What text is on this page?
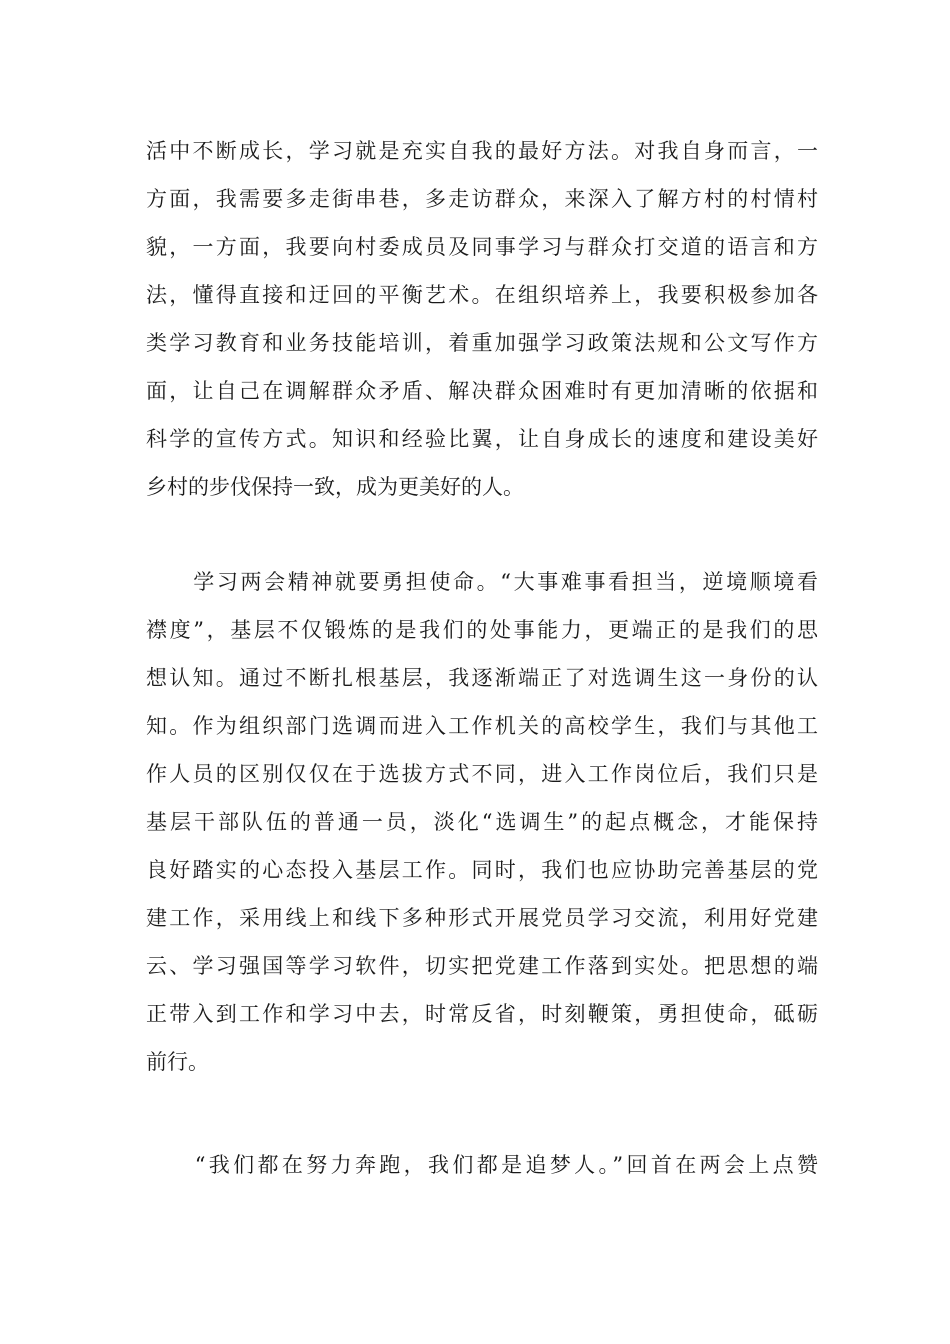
活中不断成长，学习就是充实自我的最好方法。对我自身而言，一
方面，我需要多走街串巷，多走访群众，来深入了解方村的村情村
貌，一方面，我要向村委成员及同事学习与群众打交道的语言和方
法，懂得直接和迂回的平衡艺术。在组织培养上，我要积极参加各
类学习教育和业务技能培训，着重加强学习政策法规和公文写作方
面，让自己在调解群众矛盾、解决群众困难时有更加清晰的依据和
科学的宣传方式。知识和经验比翼，让自身成长的速度和建设美好
乡村的步伐保持一致，成为更美好的人。
　　学习两会精神就要勇担使命。“大事难事看担当，逆境顺境看
襟度”，基层不仅锻炼的是我们的处事能力，更端正的是我们的思
想认知。通过不断扎根基层，我逐渐端正了对选调生这一身份的认
知。作为组织部门选调而进入工作机关的高校学生，我们与其他工
作人员的区别仅仅在于选拔方式不同，进入工作岗位后，我们只是
基层干部队伍的普通一员，淡化“选调生”的起点概念，才能保持
良好踏实的心态投入基层工作。同时，我们也应协助完善基层的党
建工作，采用线上和线下多种形式开展党员学习交流，利用好党建
云、学习强国等学习软件，切实把党建工作落到实处。把思想的端
正带入到工作和学习中去，时常反省，时刻鞭策，勇担使命，砥砺
前行。
　　“我们都在努力奔跑，我们都是追梦人。”回首在两会上点赞
